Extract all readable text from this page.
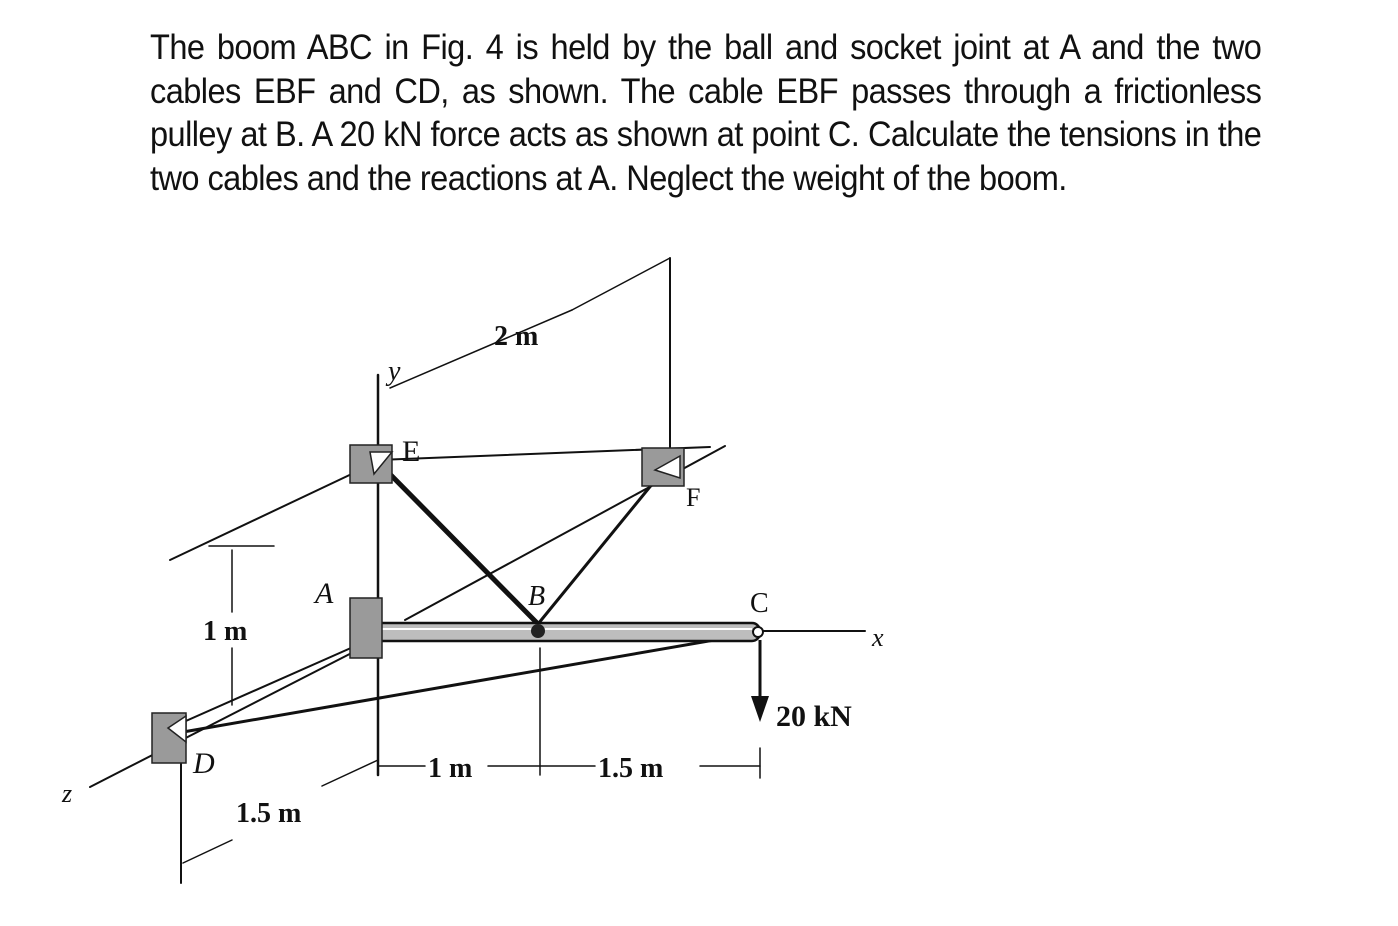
The boom ABC in Fig. 4 is held by the ball and socket joint at A and the two cables EBF and CD, as shown. The cable EBF passes through a frictionless pulley at B. A 20 kN force acts as shown at point C. Calculate the tensions in the two cables and the reactions at A. Neglect the weight of the boom.
y
E
F
A	B	C
x
D
z
2 m
1 m
1.5 m
1 m	1.5 m
20 kN
